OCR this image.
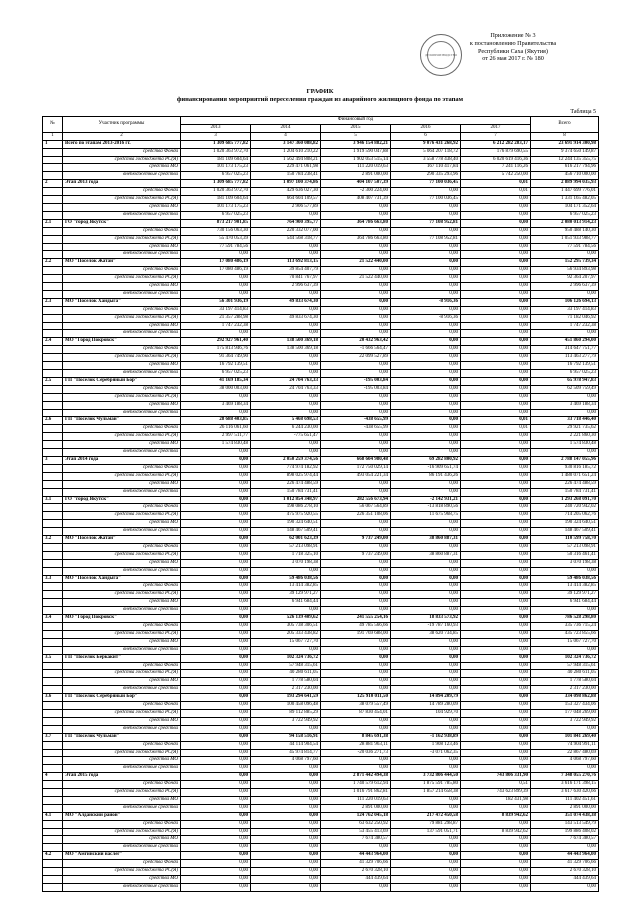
ДЕЛОПРОИЗВОДСТВО
Приложение № 3
к постановлению Правительства
Республики Саха (Якутия)
от 26 мая 2017 г. № 180
ГРАФИК
финансирования мероприятий переселения граждан из аварийного жилищного фонда по этапам
Таблица 5
№	Участник программы	Финансовый год					Всего
		2013	2014	2015	2016	2017	
1	2	3	4	5	6	7	8
1	Всего по этапам 2013-2016 гг.	1 309 685 777,82	3 147 360 088,82	3 946 154 882,21	9 076 431 268,92	6 212 282 283,17	23 691 914 300,98
	средства Фонда	1 020 363 972,70	1 204 610 210,22	1 919 590 047,88	5 064 207 118,72	176 879 690,55	9 374 650 149,87
	средства госбюджета РС(Я)	181 109 604,64	1 562 494 808,21	1 902 053 515,14	3 558 778 438,40	6 020 619 416,36	12 244 135 355,75
	средства МО	101 173 175,23	229 471 061,98	111 220 019,63	167 110 417,84	7 241 116,26	616 217 794,96
	внебюджетные средства	6 957 025,23	150 784 238,41	2 891 000,00	290 335 293,96	5 742 250,00	456 710 000,00
2	Этап 2013 года	1 309 685 777,82	1 097 100 374,86	404 107 507,39	77 100 036,45	0,01	2 889 994 035,93
	средства Фонда	1 020 363 972,70	429 636 027,30	-2 300 224,00	0,00	0,01	1 447 699 776,01
	средства госбюджета РС(Я)	181 109 604,64	664 604 109,57	408 407 731,39	77 100 036,45	0,00	1 331 165 482,05
	средства МО	101 173 175,23	2 906 577,89	0,00	0,00	0,00	104 171 352,64
	внебюджетные средства	6 957 025,23	0,00	0,00	0,00	0,00	6 957 025,23
2.1	ГО "город Якутск"	873 217 901,85	764 900 395,77	364 786 663,80	77 108 952,81	0,00	2 080 013 914,23
	средства Фонда	730 156 063,30	220 332 077,00	0,00	0,00	0,00	950 488 140,30
	средства госбюджета РС(Я)	55 470 053,39	544 568 318,77	364 786 663,80	77 108 952,81	0,00	1 051 933 988,77
	средства МО	77 591 784,56	0,00	0,00	0,00	0,00	77 591 784,56
	внебюджетные средства	0,00	0,00	0,00	0,00	0,00	0,00
2.2	МО "Поселок Жатай"	17 080 486,19	113 692 813,15	21 522 440,00	0,00	0,00	152 295 739,34
	средства Фонда	17 080 486,19	39 854 407,79	0,00	0,00	0,00	56 934 893,98
	средства госбюджета РС(Я)	0,00	70 841 767,97	21 522 440,00	0,00	0,00	92 364 207,97
	средства МО	0,00	2 996 637,39	0,00	0,00	0,00	2 996 637,39
	внебюджетные средства	0,00	0,00	0,00	0,00	0,00	0,00
2.3	МО "Поселок Хандыга"	56 301 936,19	49 833 674,30	0,00	-8 916,36	0,00	106 126 694,13
	средства Фонда	33 197 414,83	0,00	0,00	0,00	0,00	33 197 414,83
	средства госбюджета РС(Я)	21 357 288,98	49 833 674,30	0,00	-8 916,36	0,00	71 182 046,92
	средства МО	1 747 232,38	0,00	0,00	0,00	0,00	1 747 232,38
	внебюджетные средства	0,00	0,00	0,00	0,00	0,00	0,00
2.4	МО "Город Покровск"	292 927 961,40	138 500 369,18	20 432 963,42	0,00	0,00	451 860 294,00
	средства Фонда	175 813 946,76	138 500 369,18	-1 666 564,47	0,00	0,00	314 647 751,77
	средства госбюджета РС(Я)	91 364 749,90	0,00	22 099 527,89	0,00	0,00	113 463 277,79
	средства МО	16 792 139,51	0,00	0,00	0,00	0,00	16 792 139,51
	внебюджетные средства	6 957 025,23	0,00	0,00	0,00	0,00	6 957 025,23
2.5	ГП "Поселок Серебряный Бор"	41 169 185,34	24 704 763,33	-195 003,84	0,00	0,00	65 978 947,83
	средства Фонда	38 000 003,00	24 704 763,33	-195 003,84	0,00	0,00	62 509 759,49
	средства госбюджета РС(Я)	0,00	0,00	0,00	0,00	0,00	0,00
	средства МО	3 469 188,34	0,00	0,00	0,00	0,00	3 469 188,34
	внебюджетные средства	0,00	0,00	0,00	0,00	0,00	0,00
2.6	ГП "Поселок Чульман"	28 688 403,85	5 468 698,53	-438 655,99	0,00	0,01	33 718 446,40
	средства Фонда	26 116 061,60	6 244 230,00	-438 655,99	0,00	0,01	29 921 735,62
	средства госбюджета РС(Я)	2 997 511,77	-775 651,47	0,00	0,00	0,00	2 221 860,30
	средства МО	1 574 830,48	0,00	0,00	0,00	0,00	1 574 830,48
	внебюджетные средства	0,00	0,00	0,00	0,00	0,00	0,00
3	Этап 2014 года	0,00	2 050 259 374,56	668 604 980,48	69 282 800,92	0,00	2 788 147 055,96
	средства Фонда	0,00	774 974 182,92	172 750 029,14	-16 909 651,74	0,00	930 816 185,72
	средства госбюджета РС(Я)	0,00	898 025 974,44	493 054 221,34	86 191 436,26	0,00	1 480 071 651,24
	средства МО	0,00	226 474 488,59	0,00	0,00	0,00	226 474 488,59
	внебюджетные средства	0,00	150 784 731,41	0,00	0,00	0,00	150 784 731,41
3.1	ГО "город Якутск"	0,00	1 012 854 348,97	282 556 673,94	-2 142 931,21	0,00	1 293 268 091,70
	средства Фонда	0,00	198 086 278,10	56 067 564,89	-13 818 890,56	0,00	240 720 942,02
	средства госбюджета РС(Я)	0,00	475 975 920,55	226 351 108,06	11 675 968,75	0,00	714 205 062,76
	средства МО	0,00	190 324 640,51	0,00	0,00	0,00	190 324 640,51
	внебюджетные средства	0,00	148 467 509,41	0,00	0,00	0,00	148 467 509,41
3.2	МО "Поселок Жатай"	0,00	62 001 623,39	9 737 249,00	38 860 887,31	0,00	110 599 758,70
	средства Фонда	0,00	57 213 098,91	0,00	0,00	0,00	57 213 098,91
	средства госбюджета РС(Я)	0,00	1 718 325,10	9 737 249,00	38 860 887,31	0,00	50 316 461,41
	средства МО	0,00	3 070 198,38	0,00	0,00	0,00	3 070 198,38
	внебюджетные средства	0,00	0,00	0,00	0,00	0,00	0,00
3.3	МО "Поселок Хандыга"	0,00	59 486 038,56	0,00	0,00	0,00	59 486 038,56
	средства Фонда	0,00	13 414 382,85	0,00	0,00	0,00	13 414 382,85
	средства госбюджета РС(Я)	0,00	39 129 971,27	0,00	0,00	0,00	39 129 971,27
	средства МО	0,00	6 941 684,44	0,00	0,00	0,00	6 941 684,44
	внебюджетные средства	0,00	0,00	0,00	0,00	0,00	0,00
3.4	МО "Город Покровск"	0,00	526 139 409,62	241 555 254,16	18 833 573,92	0,00	786 528 298,80
	средства Фонда	0,00	305 738 306,51	49 785 566,66	-19 787 160,93	0,00	335 736 715,24
	средства госбюджета РС(Я)	0,00	205 333 438,82	191 769 688,00	38 620 734,85	0,00	435 723 855,66
	средства МО	0,00	15 067 727,70	0,00	0,00	0,00	15 067 727,70
	внебюджетные средства	0,00	0,00	0,00	0,00	0,00	0,00
3.5	ГП "Поселок Беркакит"	0,00	102 324 736,72	0,00	0,00	0,00	102 324 736,72
	средства Фонда	0,00	57 948 315,61	0,00	0,00	0,00	57 948 315,61
	средства госбюджета РС(Я)	0,00	40 280 611,05	0,00	0,00	0,00	40 280 611,05
	средства МО	0,00	1 778 580,04	0,00	0,00	0,00	1 778 580,04
	внебюджетные средства	0,00	2 317 230,00	0,00	0,00	0,00	2 317 230,00
3.6	ГП "Поселок Серебряный Бор"	0,00	193 294 641,59	125 910 011,50	14 894 209,79	0,00	334 098 862,88
	средства Фонда	0,00	100 458 096,48	38 079 557,49	14 789 280,09	0,00	153 327 434,06
	средства госбюджета РС(Я)	0,00	89 112 885,29	87 830 454,01	104 929,70	0,00	177 048 269,00
	средства МО	0,00	3 722 949,92	0,00	0,00	0,00	3 722 949,92
	внебюджетные средства	0,00	0,00	0,00	0,00	0,00	0,00
3.7	ГП "Поселок Чульман"	0,00	94 158 516,91	8 845 691,38	-1 162 938,89	0,00	101 841 269,40
	средства Фонда	0,00	44 114 904,54	28 881 963,11	1 908 123,46	0,00	74 904 991,11
	средства госбюджета РС(Я)	0,00	45 974 814,77	-20 036 271,73	-3 071 062,35	0,00	22 867 480,69
	средства МО	0,00	4 068 797,60	0,00	0,00	0,00	4 068 797,60
	внебюджетные средства	0,00	0,00	0,00	0,00	0,00	0,00
4	Этап 2015 года	0,00	0,00	2 871 442 494,38	3 732 806 444,50	743 806 331,90	7 348 055 270,76
	средства Фонда	0,00	0,00	1 740 579 612,94	1 875 591 785,80	0,51	3 616 171 398,15
	средства госбюджета РС(Я)	0,00	0,00	1 016 791 862,81	1 857 214 658,38	743 623 899,39	3 617 630 420,66
	средства МО	0,00	0,00	111 220 019,63	0,00	182 431,98	111 402 451,61
	внебюджетные средства	0,00	0,00	2 891 000,00	0,00	0,00	2 891 000,00
4.1	МО "Алданский район"	0,00	0,00	124 762 045,18	217 472 450,58	8 839 942,62	351 074 438,38
	средства Фонда	0,00	0,00	63 632 250,92	79 881 298,87	0,00	143 513 549,79
	средства госбюджета РС(Я)	0,00	0,00	53 455 413,69	137 591 051,71	8 839 942,62	199 886 408,02
	средства МО	0,00	0,00	7 674 380,57	0,00	0,00	7 674 380,57
	внебюджетные средства	0,00	0,00	0,00	0,00	0,00	0,00
4.2	МО "Амгинский наслег"	0,00	0,00	44 443 964,00	0,00	0,00	44 443 964,00
	средства Фонда	0,00	0,00	41 329 706,66	0,00	0,00	41 329 706,66
	средства госбюджета РС(Я)	0,00	0,00	2 670 328,10	0,00	0,00	2 670 328,10
	средства МО	0,00	0,00	444 439,64	0,00	0,00	444 439,64
	внебюджетные средства	0,00	0,00	0,00	0,00	0,00	0,00
